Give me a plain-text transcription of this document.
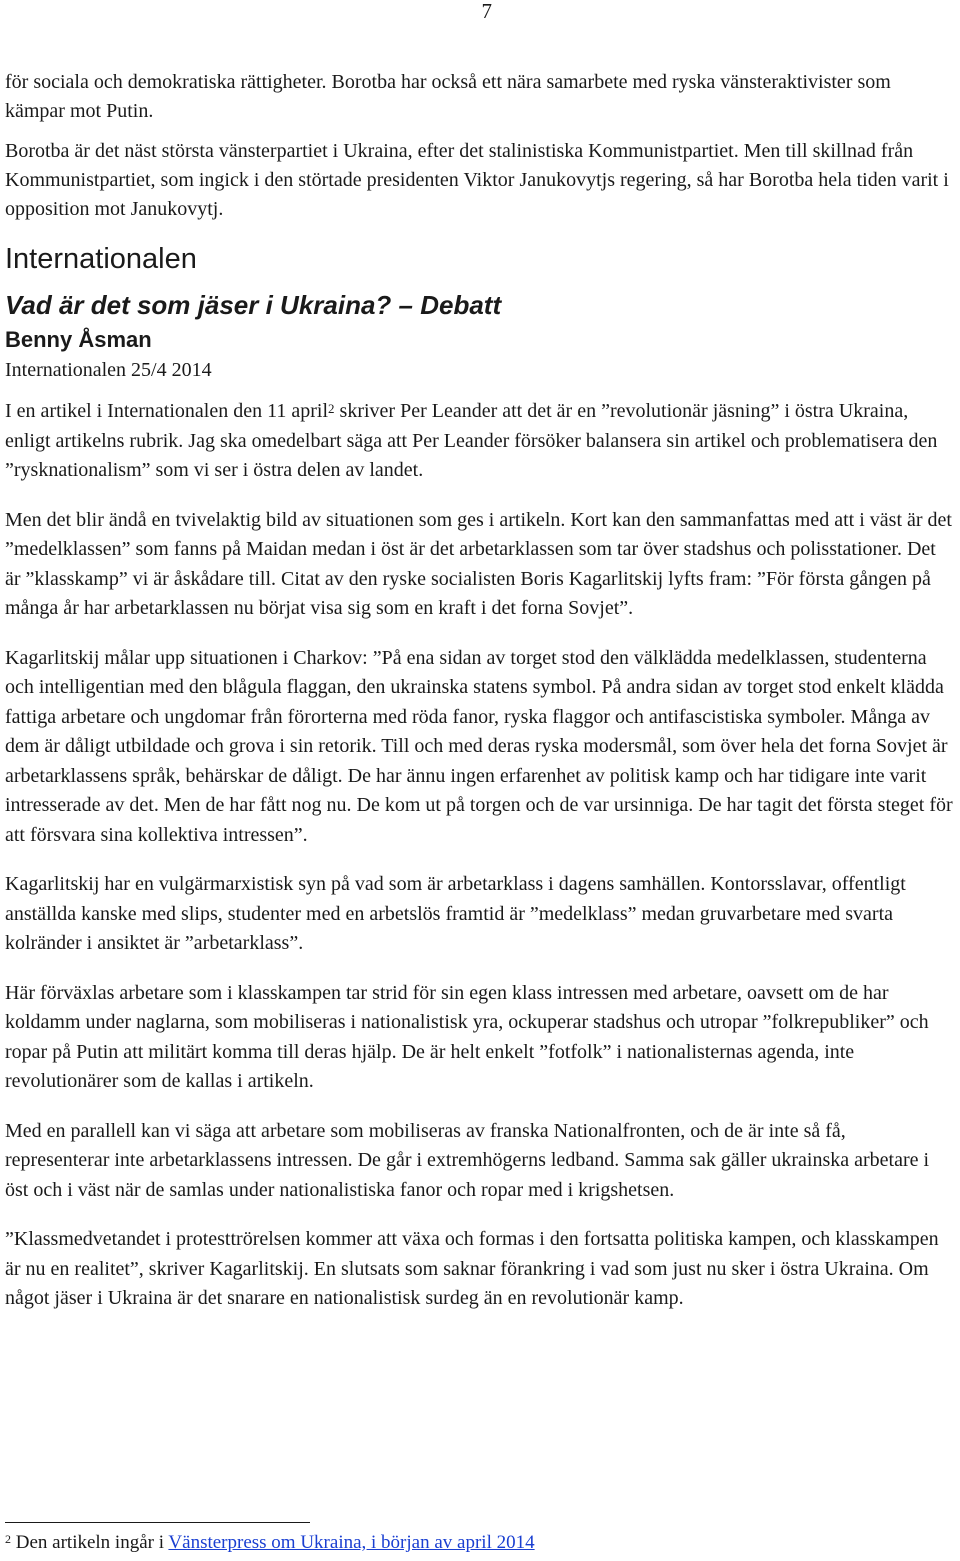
7

för sociala och demokratiska rättigheter. Borotba har också ett nära samarbete med ryska vänsteraktivister som kämpar mot Putin.

Borotba är det näst största vänsterpartiet i Ukraina, efter det stalinistiska Kommunistpartiet. Men till skillnad från Kommunistpartiet, som ingick i den störtade presidenten Viktor Janukovytjs regering, så har Borotba hela tiden varit i opposition mot Janukovytj.

Internationalen
Vad är det som jäser i Ukraina? – Debatt
Benny Åsman
Internationalen 25/4 2014

I en artikel i Internationalen den 11 april$^2$ skriver Per Leander att det är en ”revolutionär jäsning” i östra Ukraina, enligt artikelns rubrik. Jag ska omedelbart säga att Per Leander försöker balansera sin artikel och problematisera den ”rysknationalism” som vi ser i östra delen av landet.

Men det blir ändå en tvivelaktig bild av situationen som ges i artikeln. Kort kan den sammanfattas med att i väst är det ”medelklassen” som fanns på Maidan medan i öst är det arbetarklassen som tar över stadshus och polisstationer. Det är ”klasskamp” vi är åskådare till. Citat av den ryske socialisten Boris Kagarlitskij lyfts fram: ”För första gången på många år har arbetarklassen nu börjat visa sig som en kraft i det forna Sovjet”.

Kagarlitskij målar upp situationen i Charkov: ”På ena sidan av torget stod den välklädda medelklassen, studenterna och intelligentian med den blågula flaggan, den ukrainska statens symbol. På andra sidan av torget stod enkelt klädda fattiga arbetare och ungdomar från förorterna med röda fanor, ryska flaggor och antifascistiska symboler. Många av dem är dåligt utbildade och grova i sin retorik. Till och med deras ryska modersmål, som över hela det forna Sovjet är arbetarklassens språk, behärskar de dåligt. De har ännu ingen erfarenhet av politisk kamp och har tidigare inte varit intresserade av det. Men de har fått nog nu. De kom ut på torgen och de var ursinniga. De har tagit det första steget för att försvara sina kollektiva intressen”.

Kagarlitskij har en vulgärmarxistisk syn på vad som är arbetarklass i dagens samhällen. Kontorsslavar, offentligt anställda kanske med slips, studenter med en arbetslös framtid är ”medelklass” medan gruvarbetare med svarta kolränder i ansiktet är ”arbetarklass”.

Här förväxlas arbetare som i klasskampen tar strid för sin egen klass intressen med arbetare, oavsett om de har koldamm under naglarna, som mobiliseras i nationalistisk yra, ockuperar stadshus och utropar ”folkrepubliker” och ropar på Putin att militärt komma till deras hjälp. De är helt enkelt ”fotfolk” i nationalisternas agenda, inte revolutionärer som de kallas i artikeln.

Med en parallell kan vi säga att arbetare som mobiliseras av franska Nationalfronten, och de är inte så få, representerar inte arbetarklassens intressen. De går i extremhögerns ledband. Samma sak gäller ukrainska arbetare i öst och i väst när de samlas under nationalistiska fanor och ropar med i krigshetsen.

”Klassmedvetandet i protesttrörelsen kommer att växa och formas i den fortsatta politiska kampen, och klasskampen är nu en realitet”, skriver Kagarlitskij. En slutsats som saknar förankring i vad som just nu sker i östra Ukraina. Om något jäser i Ukraina är det snarare en nationalistisk surdeg än en revolutionär kamp.

$^2$ Den artikeln ingår i Vänsterpress om Ukraina, i början av april 2014
